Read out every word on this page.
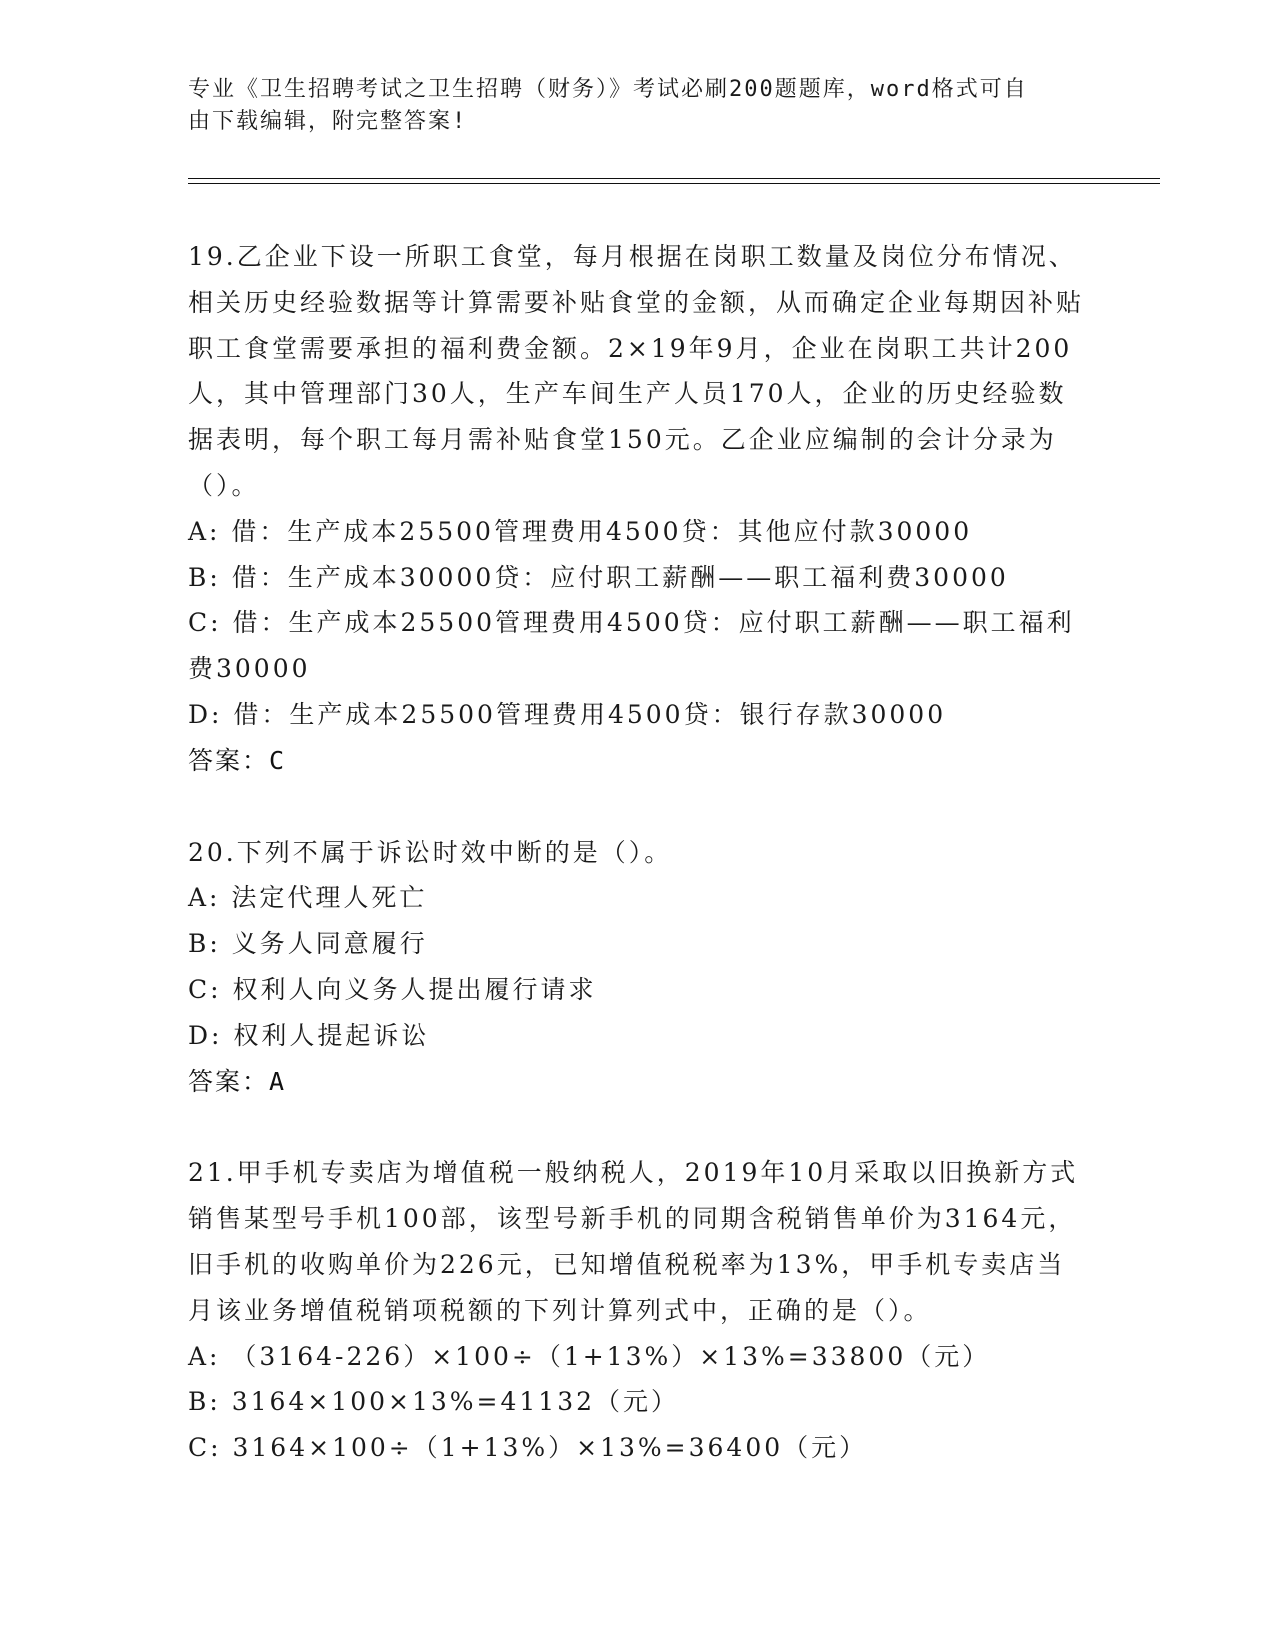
专业《卫生招聘考试之卫生招聘（财务）》考试必刷200题题库，word格式可自

由下载编辑，附完整答案!

19.乙企业下设一所职工食堂，每月根据在岗职工数量及岗位分布情况、相关历史经验数据等计算需要补贴食堂的金额，从而确定企业每期因补贴职工食堂需要承担的福利费金额。2×19年9月，企业在岗职工共计200人，其中管理部门30人，生产车间生产人员170人，企业的历史经验数据表明，每个职工每月需补贴食堂150元。乙企业应编制的会计分录为（）。

A: 借：生产成本25500管理费用4500贷：其他应付款30000

B: 借：生产成本30000贷：应付职工薪酬——职工福利费30000

C: 借：生产成本25500管理费用4500贷：应付职工薪酬——职工福利费30000

D: 借：生产成本25500管理费用4500贷：银行存款30000

答案：C

20.下列不属于诉讼时效中断的是（）。

A: 法定代理人死亡

B: 义务人同意履行

C: 权利人向义务人提出履行请求

D: 权利人提起诉讼

答案：A

21.甲手机专卖店为增值税一般纳税人，2019年10月采取以旧换新方式销售某型号手机100部，该型号新手机的同期含税销售单价为3164元，旧手机的收购单价为226元，已知增值税税率为13%，甲手机专卖店当月该业务增值税销项税额的下列计算列式中，正确的是（）。

A: （3164-226）×100÷（1+13%）×13%=33800（元）

B: 3164×100×13%=41132（元）

C: 3164×100÷（1+13%）×13%=36400（元）
